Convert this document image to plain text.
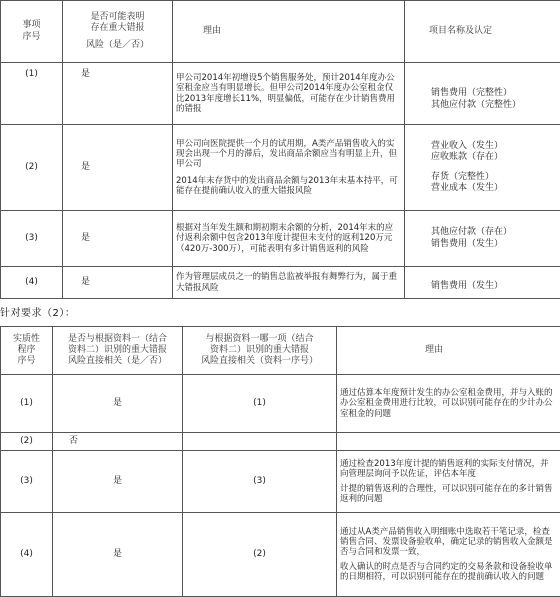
事项
序号	是否可能表明
存在重大错报
风险（是／否）	理由	项目名称及认定
(1)	是	甲公司2014年初增设5个销售服务处，预计2014年度办公室租金应当有明显增长。但甲公司2014年度办公室租金仅比2013年度增长11%，明显偏低，可能存在少计销售费用的错报	销售费用（完整性）
其他应付款（完整性）

(2)	是	甲公司向医院提供一个月的试用期，A类产品销售收入的实现会出现一个月的滞后，发出商品余额应当有明显上升，但甲公司
2014年末存货中的发出商品余额与2013年末基本持平，可能存在提前确认收入的重大错报风险	营业收入（发生）
应收账款（存在）
存货（完整性）
营业成本（发生）

(3)	是	根据对当年发生额和期初期末余额的分析，2014年末的应付返利余额中包含2013年度计提但未支付的返利120万元（420万-300万），可能表明有多计销售返利的风险	其他应付款（存在）
销售费用（发生）

(4)	是	作为管理层成员之一的销售总监被举报有舞弊行为，属于重大错报风险	销售费用（发生）
针对要求（2）：
实质性
程序
序号	是否与根据资料一（结合
资料二）识别的重大错报
风险直接相关（是／否）	与根据资料一哪一项（结合
资料二）识别的重大错报
风险直接相关（资料一序号）	理由
(1)	是	(1)	通过估算本年度预计发生的办公室租金费用，并与入账的办公室租金费用进行比较，可以识别可能存在的少计办公室租金的问题

(2)	否		
(3)	是	(3)	通过检查2013年度计提的销售返利的实际支付情况，并向管理层询问予以佐证，评估本年度
计提的销售返利的合理性，可以识别可能存在的多计销售返利的问题

(4)	是	(2)	通过从A类产品销售收入明细账中选取若干笔记录，检查销售合同、发票设备验收单，确定记录的销售收入金额是否与合同和发票一致，
收入确认的时点是否与合同约定的交易条款和设备验收单的日期相符，可以识别可能存在的提前确认收入的问题
